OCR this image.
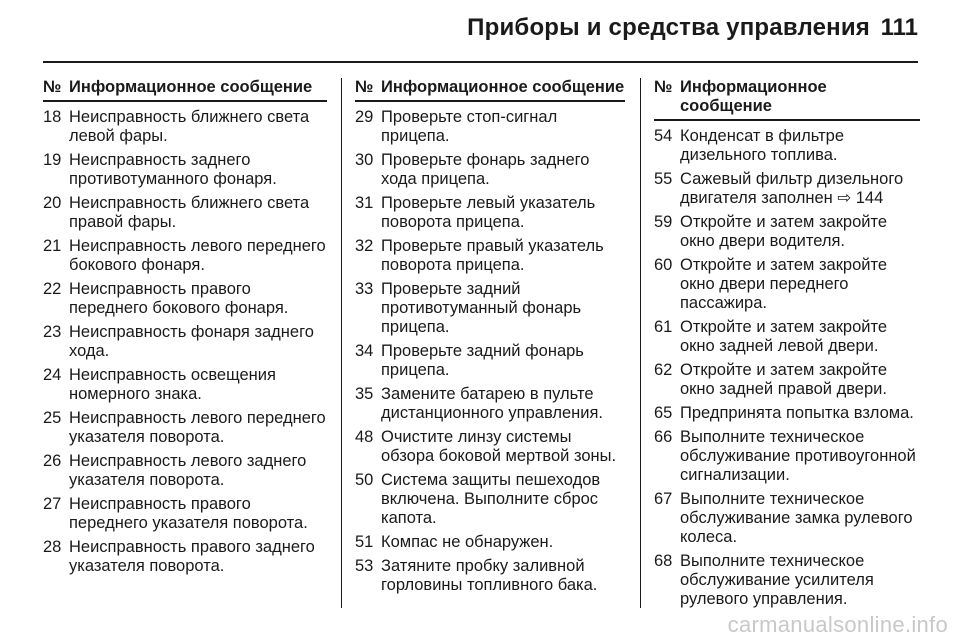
Приборы и средства управления 111
№ Информационное сообщение
18 Неисправность ближнего света левой фары.
19 Неисправность заднего противотуманного фонаря.
20 Неисправность ближнего света правой фары.
21 Неисправность левого переднего бокового фонаря.
22 Неисправность правого переднего бокового фонаря.
23 Неисправность фонаря заднего хода.
24 Неисправность освещения номерного знака.
25 Неисправность левого переднего указателя поворота.
26 Неисправность левого заднего указателя поворота.
27 Неисправность правого переднего указателя поворота.
28 Неисправность правого заднего указателя поворота.
№ Информационное сообщение
29 Проверьте стоп-сигнал прицепа.
30 Проверьте фонарь заднего хода прицепа.
31 Проверьте левый указатель поворота прицепа.
32 Проверьте правый указатель поворота прицепа.
33 Проверьте задний противотуманный фонарь прицепа.
34 Проверьте задний фонарь прицепа.
35 Замените батарею в пульте дистанционного управления.
48 Очистите линзу системы обзора боковой мертвой зоны.
50 Система защиты пешеходов включена. Выполните сброс капота.
51 Компас не обнаружен.
53 Затяните пробку заливной горловины топливного бака.
№ Информационное сообщение
54 Конденсат в фильтре дизельного топлива.
55 Сажевый фильтр дизельного двигателя заполнен ⇨ 144
59 Откройте и затем закройте окно двери водителя.
60 Откройте и затем закройте окно двери переднего пассажира.
61 Откройте и затем закройте окно задней левой двери.
62 Откройте и затем закройте окно задней правой двери.
65 Предпринята попытка взлома.
66 Выполните техническое обслуживание противоугонной сигнализации.
67 Выполните техническое обслуживание замка рулевого колеса.
68 Выполните техническое обслуживание усилителя рулевого управления.
carmanualsonline.info
